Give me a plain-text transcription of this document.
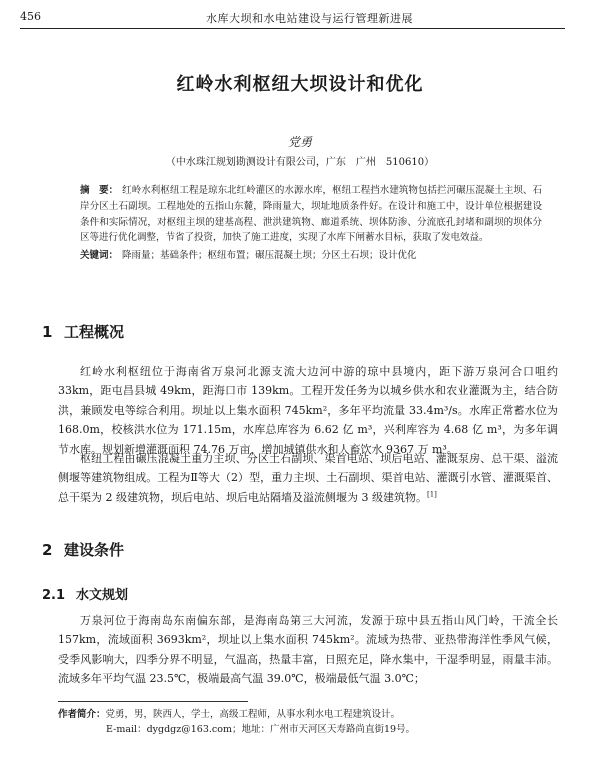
456	水库大坝和水电站建设与运行管理新进展
红岭水利枢纽大坝设计和优化
党勇
（中水珠江规划勘测设计有限公司，广东　广州　510610）
摘　要： 红岭水利枢纽工程是琼东北红岭灌区的水源水库，枢纽工程挡水建筑物包括拦河碾压混凝土主坝、石岸分区土石副坝。工程地处的五指山东麓，降雨量大，坝址地质条件好。在设计和施工中，设计单位根据建设条件和实际情况，对枢纽主坝的建基高程、泄洪建筑物、廊道系统、坝体防渗、分流底孔封堵和副坝的坝体分区等进行优化调整，节省了投资，加快了施工进度，实现了水库下闸蓄水目标，获取了发电效益。
关键词： 降雨量；基础条件；枢纽布置；碾压混凝土坝；分区土石坝；设计优化
1 工程概况

红岭水利枢纽位于海南省万泉河北源支流大边河中游的琼中县境内，距下游万泉河合口咀约 33km，距屯昌县城 49km，距海口市 139km。工程开发任务为以城乡供水和农业灌溉为主，结合防洪，兼顾发电等综合利用。坝址以上集水面积 745km²，多年平均流量 33.4m³/s。水库正常蓄水位为 168.0m，校核洪水位为 171.15m，水库总库容为 6.62 亿 m³，兴利库容为 4.68 亿 m³，为多年调节水库。规划新增灌溉面积 74.76 万亩，增加城镇供水和人畜饮水 9367 万 m³。

枢纽工程由碾压混凝土重力主坝、分区土石副坝、渠首电站、坝后电站、灌溉泵房、总干渠、溢流侧堰等建筑物组成。工程为Ⅱ等大（2）型，重力主坝、土石副坝、渠首电站、灌溉引水管、灌溉渠首、总干渠为 2 级建筑物，坝后电站、坝后电站隔墙及溢流侧堰为 3 级建筑物。[1]

2 建设条件
2.1 水文规划

万泉河位于海南岛东南偏东部，是海南岛第三大河流，发源于琼中县五指山风门岭，干流全长 157km，流域面积 3693km²，坝址以上集水面积 745km²。流域为热带、亚热带海洋性季风气候，受季风影响大，四季分界不明显，气温高，热量丰富，日照充足，降水集中，干湿季明显，雨量丰沛。流域多年平均气温 23.5℃，极端最高气温 39.0℃，极端最低气温 3.0℃；

作者简介：党勇，男，陕西人，学士，高级工程师，从事水利水电工程建筑设计。
E-mail：dygdgz@163.com；地址：广州市天河区天寿路尚直街19号。
